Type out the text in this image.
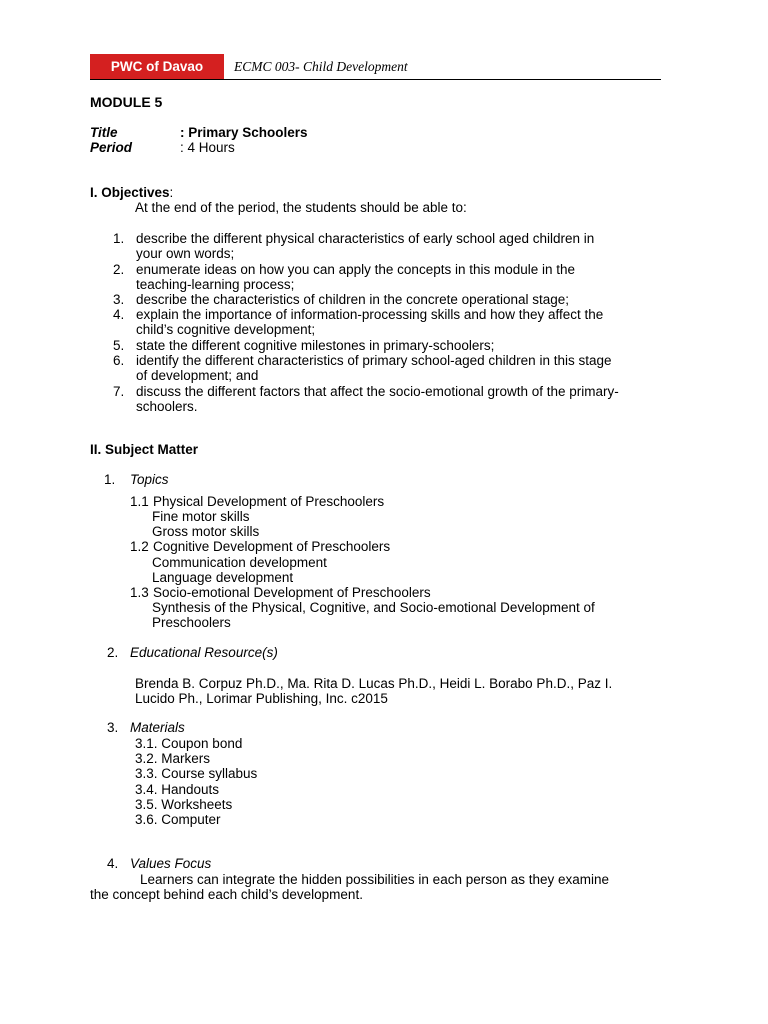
PWC of Davao	ECMC 003- Child Development
MODULE 5
Title	: Primary Schoolers
Period	: 4 Hours
I. Objectives:
At the end of the period, the students should be able to:
1. describe the different physical characteristics of early school aged children in
your own words;
2. enumerate ideas on how you can apply the concepts in this module in the
teaching-learning process;
3. describe the characteristics of children in the concrete operational stage;
4. explain the importance of information-processing skills and how they affect the
child’s cognitive development;
5. state the different cognitive milestones in primary-schoolers;
6. identify the different characteristics of primary school-aged children in this stage
of development; and
7. discuss the different factors that affect the socio-emotional growth of the primary-
schoolers.
II. Subject Matter
1. Topics
1.1 Physical Development of Preschoolers
Fine motor skills
Gross motor skills
1.2 Cognitive Development of Preschoolers
Communication development
Language development
1.3 Socio-emotional Development of Preschoolers
Synthesis of the Physical, Cognitive, and Socio-emotional Development of
Preschoolers
2. Educational Resource(s)
Brenda B. Corpuz Ph.D., Ma. Rita D. Lucas Ph.D., Heidi L. Borabo Ph.D., Paz I.
Lucido Ph., Lorimar Publishing, Inc. c2015
3. Materials
3.1. Coupon bond
3.2. Markers
3.3. Course syllabus
3.4. Handouts
3.5. Worksheets
3.6. Computer
4. Values Focus
Learners can integrate the hidden possibilities in each person as they examine
the concept behind each child’s development.
